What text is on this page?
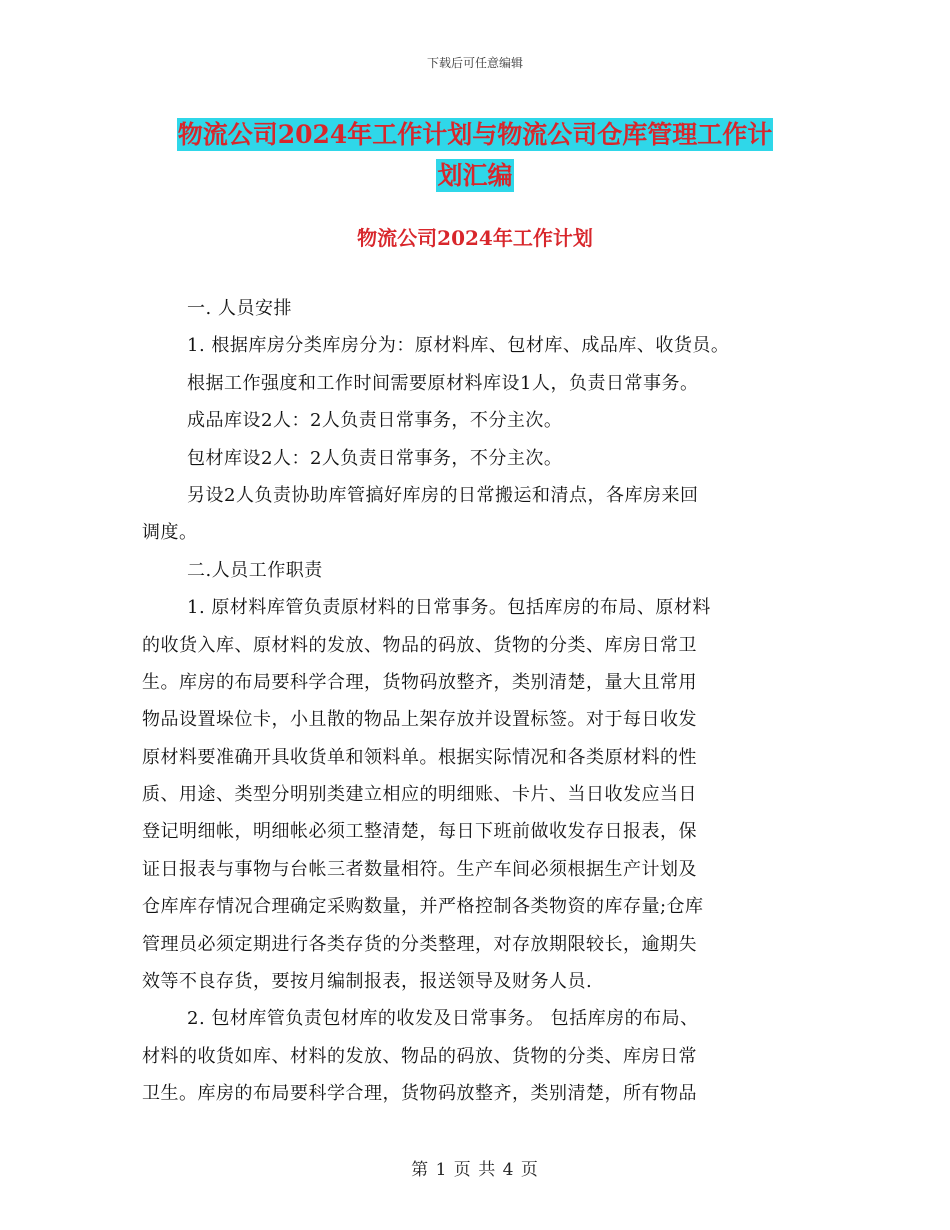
下载后可任意编辑
物流公司2024年工作计划与物流公司仓库管理工作计
划汇编
物流公司2024年工作计划
一. 人员安排
1. 根据库房分类库房分为：原材料库、包材库、成品库、收货员。
根据工作强度和工作时间需要原材料库设1人，负责日常事务。
成品库设2人：2人负责日常事务，不分主次。
包材库设2人：2人负责日常事务，不分主次。
另设2人负责协助库管搞好库房的日常搬运和清点，各库房来回
调度。
二.人员工作职责
1. 原材料库管负责原材料的日常事务。包括库房的布局、原材料
的收货入库、原材料的发放、物品的码放、货物的分类、库房日常卫
生。库房的布局要科学合理，货物码放整齐，类别清楚，量大且常用
物品设置垛位卡，小且散的物品上架存放并设置标签。对于每日收发
原材料要准确开具收货单和领料单。根据实际情况和各类原材料的性
质、用途、类型分明别类建立相应的明细账、卡片、当日收发应当日
登记明细帐，明细帐必须工整清楚，每日下班前做收发存日报表，保
证日报表与事物与台帐三者数量相符。生产车间必须根据生产计划及
仓库库存情况合理确定采购数量，并严格控制各类物资的库存量;仓库
管理员必须定期进行各类存货的分类整理，对存放期限较长，逾期失
效等不良存货，要按月编制报表，报送领导及财务人员.
2. 包材库管负责包材库的收发及日常事务。 包括库房的布局、
材料的收货如库、材料的发放、物品的码放、货物的分类、库房日常
卫生。库房的布局要科学合理，货物码放整齐，类别清楚，所有物品
第 1 页 共 4 页
